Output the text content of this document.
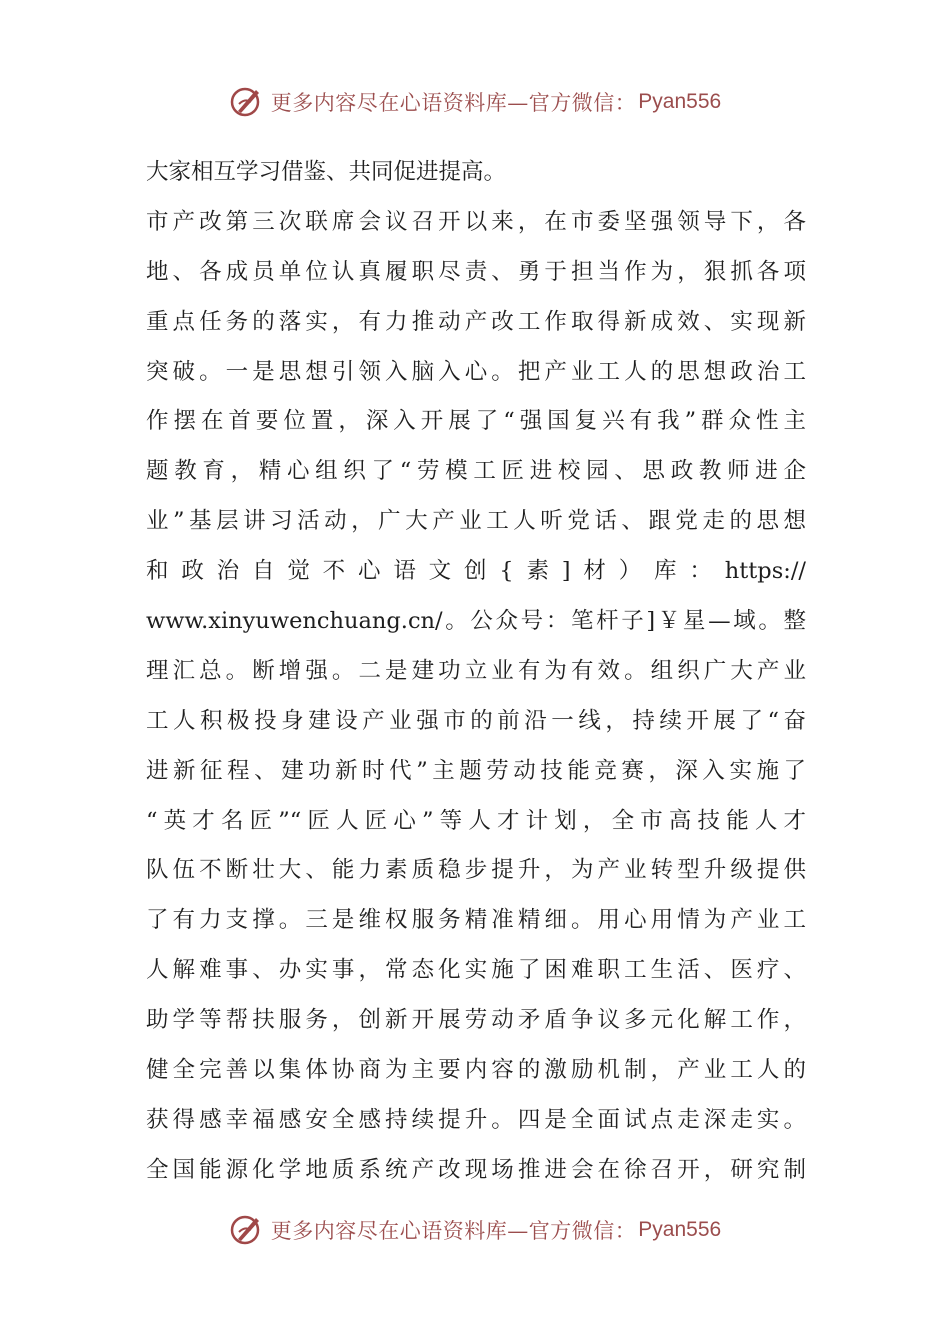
更多内容尽在心语资料库—官方微信： Pyan556
大家相互学习借鉴、共同促进提高。
市产改第三次联席会议召开以来，在市委坚强领导下，各
地、各成员单位认真履职尽责、勇于担当作为，狠抓各项
重点任务的落实，有力推动产改工作取得新成效、实现新
突破。一是思想引领入脑入心。把产业工人的思想政治工
作摆在首要位置，深入开展了“强国复兴有我”群众性主
题教育，精心组织了“劳模工匠进校园、思政教师进企
业”基层讲习活动，广大产业工人听党话、跟党走的思想
和政治自觉不心语文创{素]材）库：https://
www.xinyuwenchuang.cn/。公众号：笔杆子]￥星—域。整
理汇总。断增强。二是建功立业有为有效。组织广大产业
工人积极投身建设产业强市的前沿一线，持续开展了“奋
进新征程、建功新时代”主题劳动技能竞赛，深入实施了
“英才名匠”“匠人匠心”等人才计划，全市高技能人才
队伍不断壮大、能力素质稳步提升，为产业转型升级提供
了有力支撑。三是维权服务精准精细。用心用情为产业工
人解难事、办实事，常态化实施了困难职工生活、医疗、
助学等帮扶服务，创新开展劳动矛盾争议多元化解工作，
健全完善以集体协商为主要内容的激励机制，产业工人的
获得感幸福感安全感持续提升。四是全面试点走深走实。
全国能源化学地质系统产改现场推进会在徐召开，研究制
更多内容尽在心语资料库—官方微信： Pyan556
